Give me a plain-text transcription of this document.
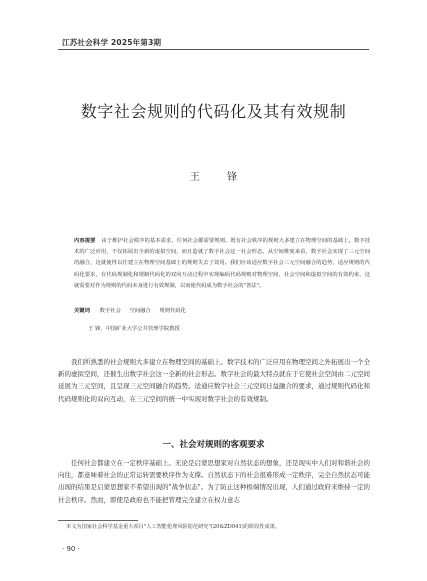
江苏社会科学 2025年第3期
数字社会规则的代码化及其有效规制
王 锋
内容提要 由于维护社会秩序的基本需求，任何社会都需要规则。既有社会秩序的规则大多建立在物理空间的基础上。数字技术的广泛应用，不仅拓展出全新的虚拟空间，而且造就了数字社会这一社会形态。从空间维度来看，数字社会实现了三元空间的融合，这就使得以往建立在物理空间基础上的规则失去了效用。我们应该适应数字社会三元空间融合的趋势，适应规则的代码化要求，在代码规制化和规制代码化的双向互动过程中实现编码代码规则对物理空间、社会空间和虚拟空间的有效约束，这就需要对作为规则的代码本身进行有效规制，以而使代码成为数字社会的"善法"。
关键词 数字社会 空间融合 规则代码化
王 锋，中国矿业大学公共管理学院教授
我们所熟悉的社会规则大多建立在物理空间的基础上。数字技术的广泛应用在物理空间之外拓展出一个全新的虚拟空间，还催生出数字社会这一全新的社会形态。数字社会的最大特点就在于它使社会空间由二元空间延展为三元空间，且呈现三元空间融合的趋势。适通应数字社会三元空间日益融合的要求，通过规则代码化和代码规则化的双向互动，在三元空间的统一中实现对数字社会的有效规制。
一、社会对规则的客观要求
任何社会都建立在一定秩序基础上。无论是启蒙思想家对自然状态的想象，还是现实中人们对和谐社会的向往，都意味着社会的正常运转需要秩序作为支撑。自然状态下的社会很难形成一定秩序，完全自然状态可能出现的结果是启蒙思想家不希望出现的"战争状态"。为了防止这种极端情况出现，人们通过政府来维持一定的社会秩序。然而，即使是政府也不能把管理完全建立在权力意志
本文为国家社会科学基金重大项目"人工智能伦理风险防范研究"(20&ZD041)的阶段性成果。
· 90 ·
